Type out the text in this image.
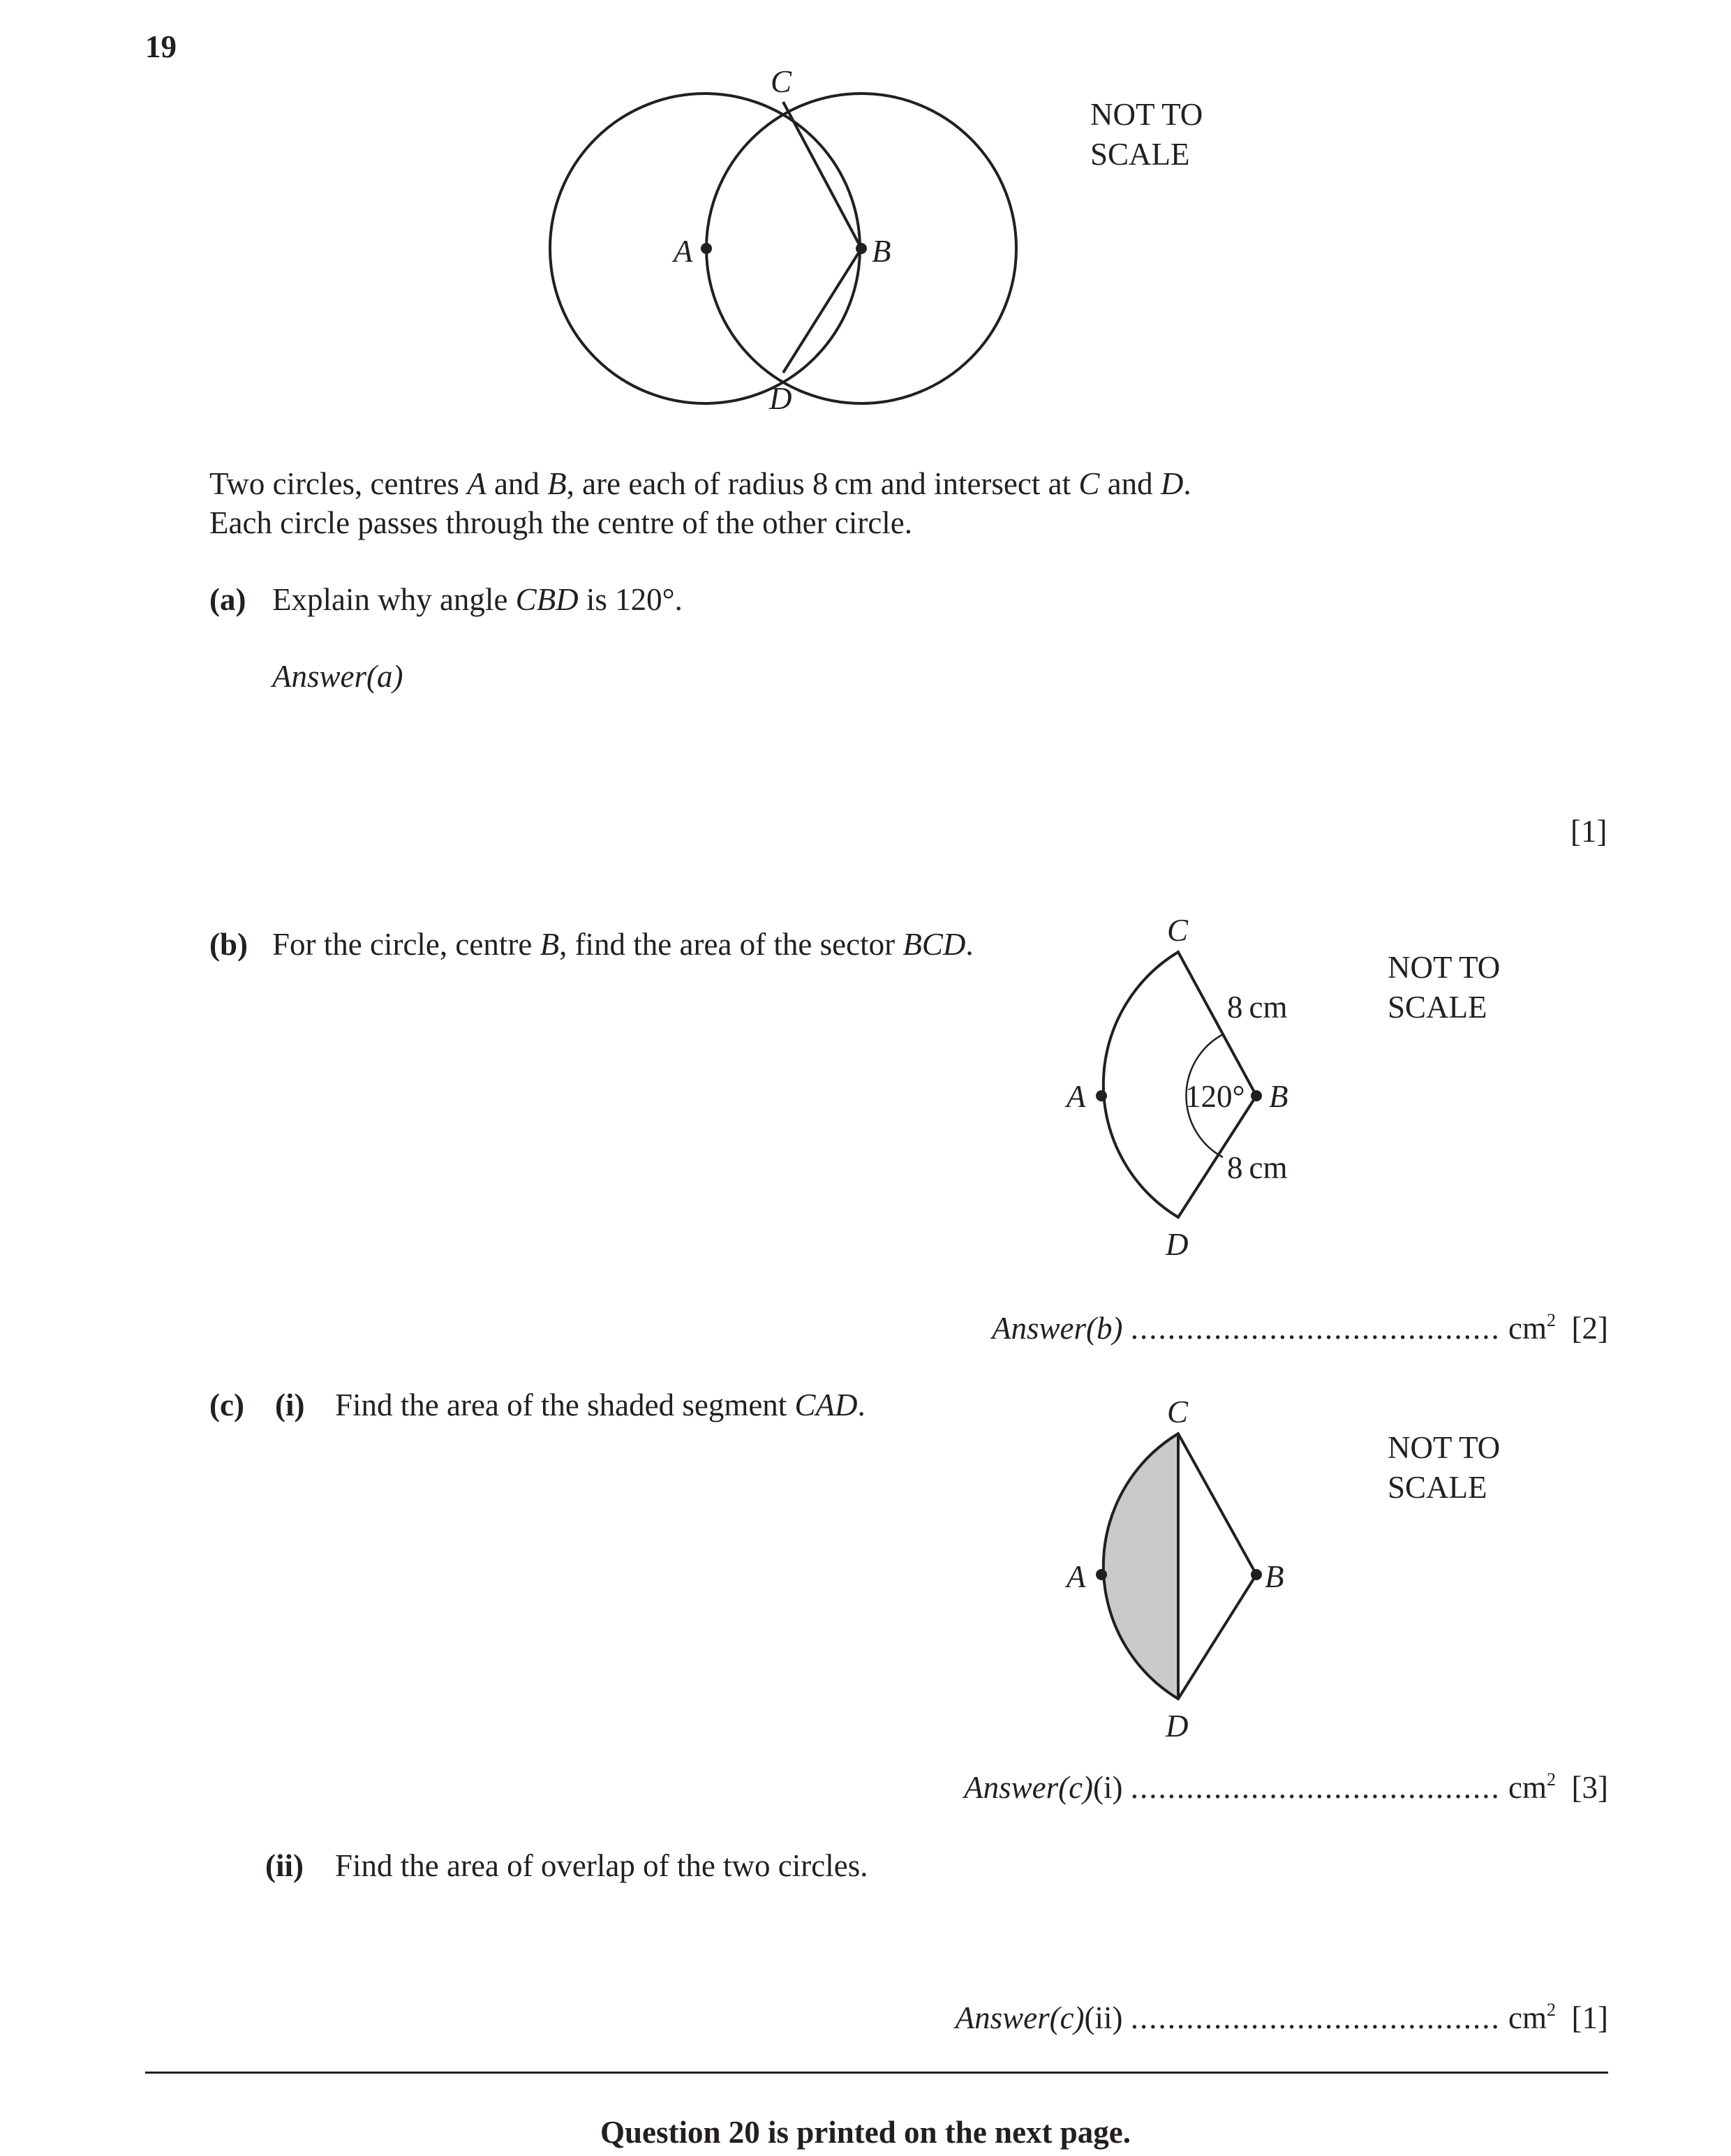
19
C
A	B
D
NOT TO
SCALE
Two circles, centres A and B, are each of radius 8 cm and intersect at C and D.
Each circle passes through the centre of the other circle.
(a) Explain why angle CBD is 120°.
Answer(a)
[1]
(b) For the circle, centre B, find the area of the sector BCD.	C
A	B
D
8 cm
8 cm
120°
NOT TO
SCALE
Answer(b) ........................................ $cm^2$ [2]
(c) (i) Find the area of the shaded segment CAD.	C
A	B
D
NOT TO
SCALE
Answer(c)(i) ........................................ $cm^2$ [3]
(ii) Find the area of overlap of the two circles.
Answer(c)(ii) ........................................ $cm^2$ [1]
Question 20 is printed on the next page.
